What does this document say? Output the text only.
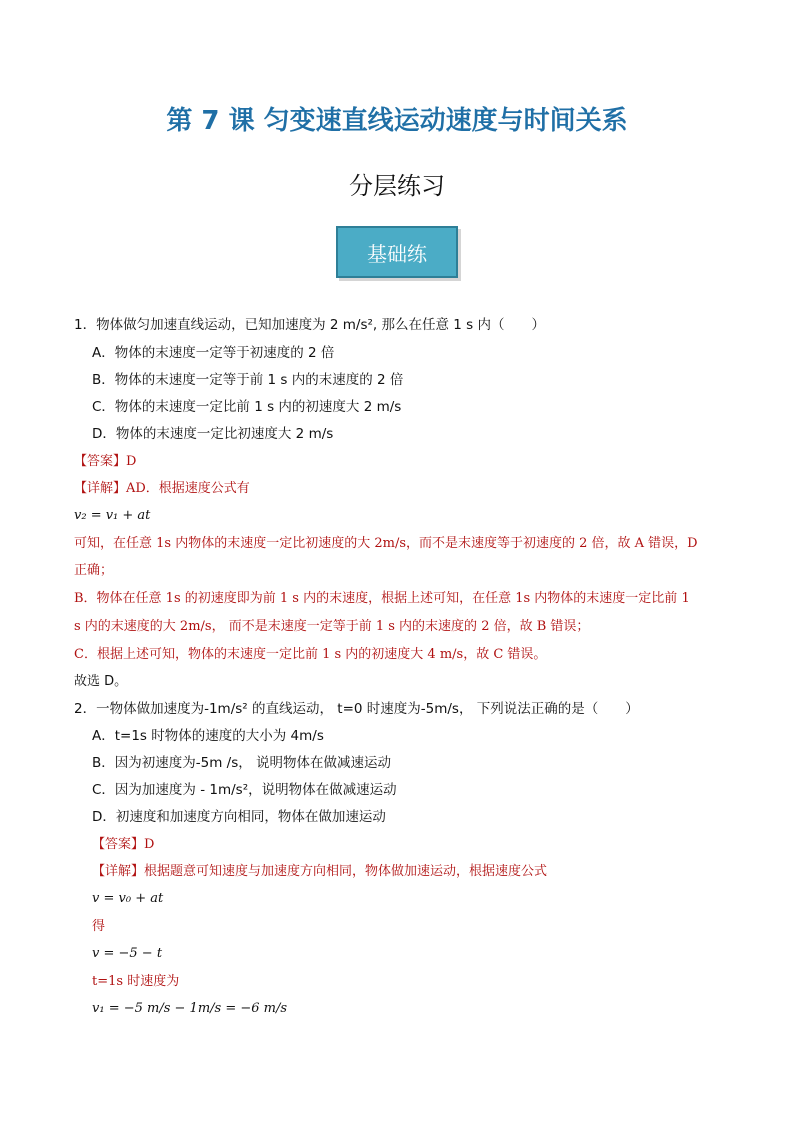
第 7 课 匀变速直线运动速度与时间关系
分层练习
基础练
1．物体做匀加速直线运动，已知加速度为 2 m/s², 那么在任意 1 s 内（　　）
A．物体的末速度一定等于初速度的 2 倍
B．物体的末速度一定等于前 1 s 内的末速度的 2 倍
C．物体的末速度一定比前 1 s 内的初速度大 2 m/s
D．物体的末速度一定比初速度大 2 m/s
【答案】D
【详解】AD．根据速度公式有
v₂ = v₁ + at
可知，在任意 1s 内物体的末速度一定比初速度的大 2m/s，而不是末速度等于初速度的 2 倍，故 A 错误，D
正确；
B．物体在任意 1s 的初速度即为前 1 s 内的末速度，根据上述可知，在任意 1s 内物体的末速度一定比前 1
s 内的末速度的大 2m/s， 而不是末速度一定等于前 1 s 内的末速度的 2 倍，故 B 错误；
C．根据上述可知，物体的末速度一定比前 1 s 内的初速度大 4 m/s，故 C 错误。
故选 D。
2．一物体做加速度为-1m/s² 的直线运动， t=0 时速度为-5m/s， 下列说法正确的是（　　）
A．t=1s 时物体的速度的大小为 4m/s
B．因为初速度为-5m /s， 说明物体在做减速运动
C．因为加速度为 - 1m/s²，说明物体在做减速运动
D．初速度和加速度方向相同，物体在做加速运动
【答案】D
【详解】根据题意可知速度与加速度方向相同，物体做加速运动，根据速度公式
v = v₀ + at
得
v = −5 − t
t=1s 时速度为
v₁ = −5 m/s − 1m/s = −6 m/s
